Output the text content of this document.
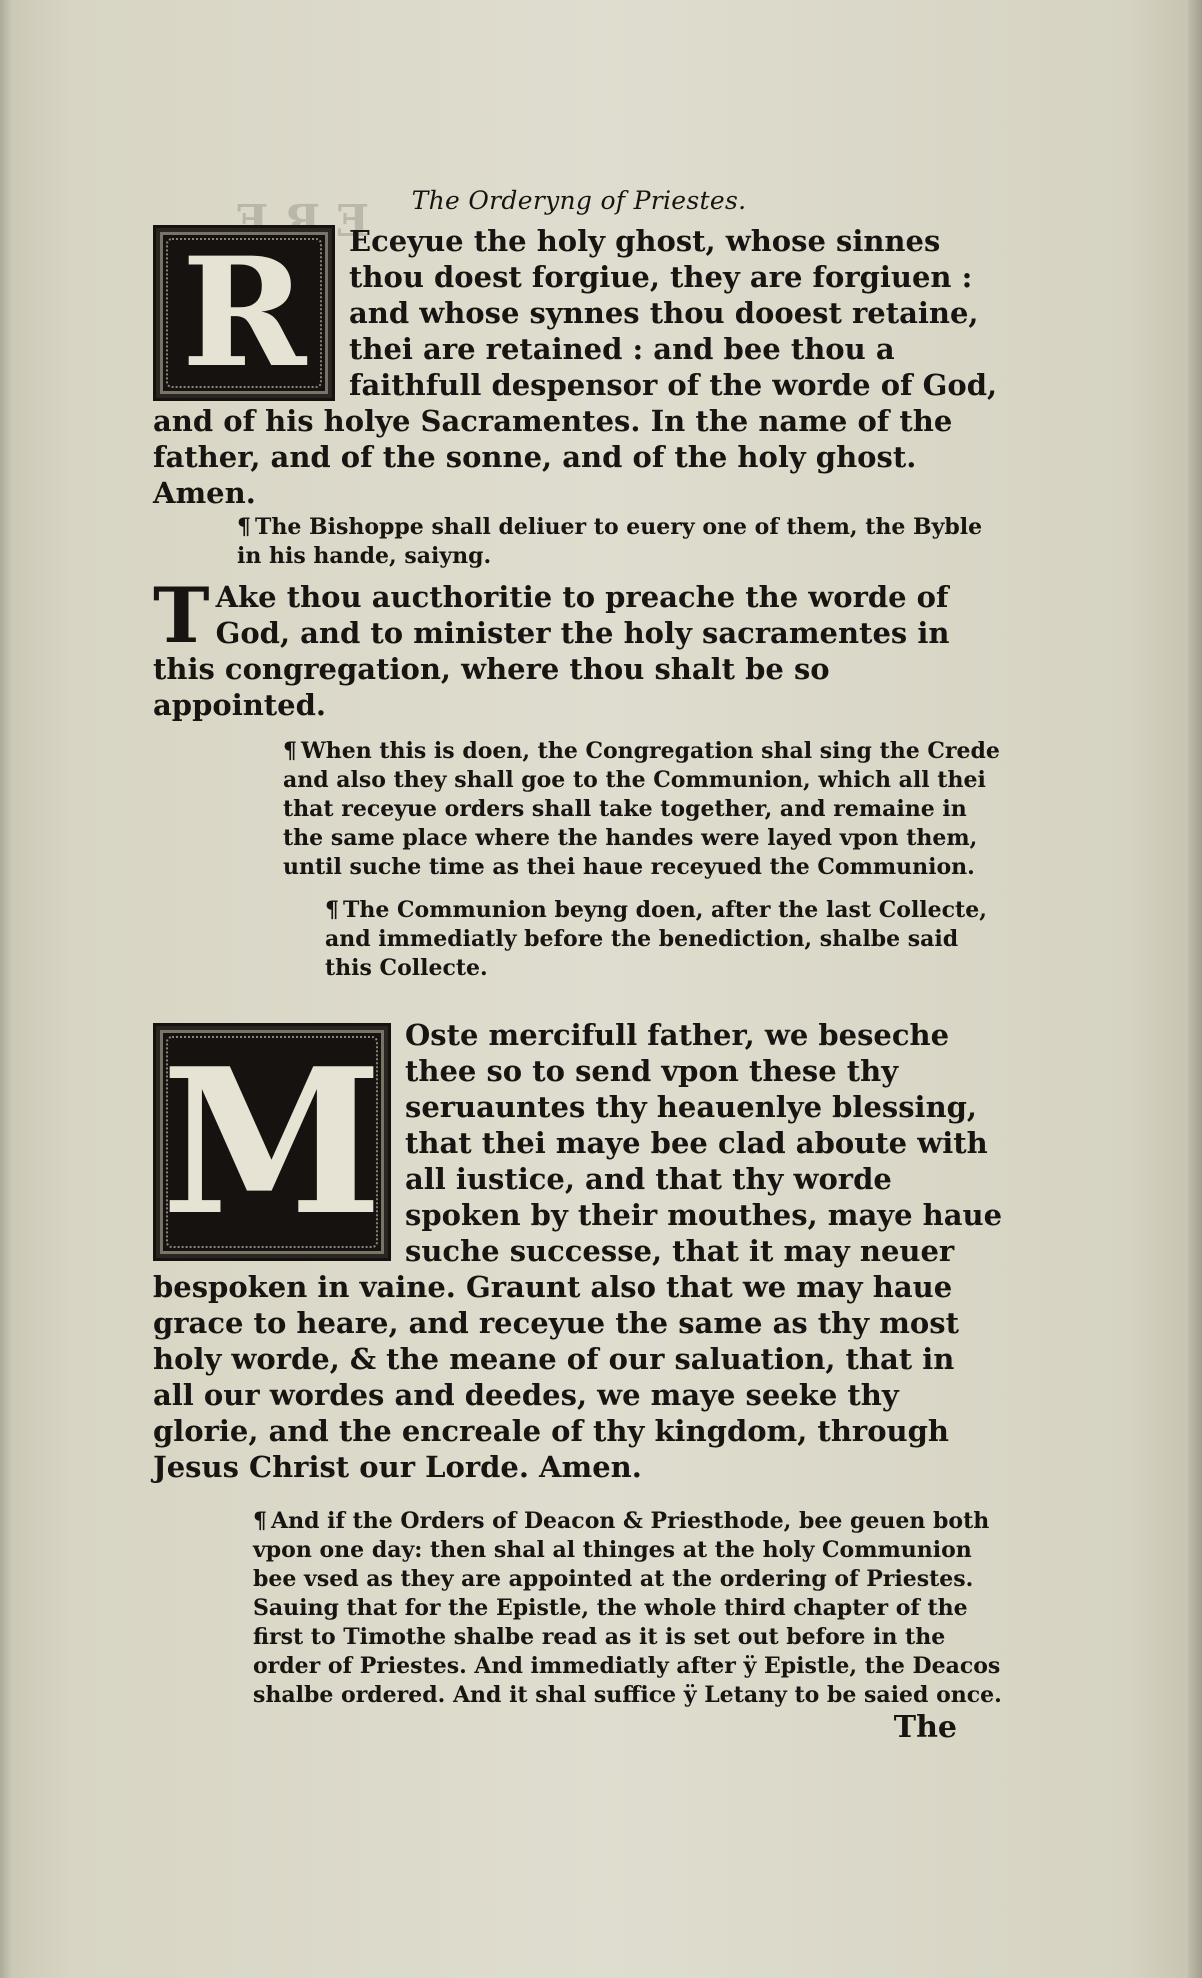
E R E	The Orderyng of Priestes.

R	Eceyue the holy ghost, whose sinnes thou doest forgiue, they are forgiuen : and whose synnes thou dooest retaine, thei are retained : and bee thou a faithfull despensor of the worde of God, and of his holye Sacramentes. In the name of the father, and of the sonne, and of the holy ghost. Amen.

¶ The Bishoppe shall deliuer to euery one of them, the Byble in his hande, saiyng.

T Ake thou aucthoritie to preache the worde of God, and to minister the holy sacramentes in this congregation, where thou shalt be so appointed.

¶ When this is doen, the Congregation shal sing the Crede and also they shall goe to the Communion, which all thei that receyue orders shall take together, and remaine in the same place where the handes were layed vpon them, until suche time as thei haue receyued the Communion.

¶ The Communion beyng doen, after the last Collecte, and immediatly before the benediction, shalbe said this Collecte.

M Oste mercifull father, we beseche thee so to send vpon these thy seruauntes thy heauenlye blessing, that thei maye bee clad aboute with all iustice, and that thy worde spoken by their mouthes, maye haue suche successe, that it may neuer bespoken in vaine. Graunt also that we may haue grace to heare, and receyue the same as thy most holy worde, & the meane of our saluation, that in all our wordes and deedes, we maye seeke thy glorie, and the encreale of thy kingdom, through Jesus Christ our Lorde. Amen.

¶ And if the Orders of Deacon & Priesthode, bee geuen both vpon one day: then shal al thinges at the holy Communion bee vsed as they are appointed at the ordering of Priestes. Sauing that for the Epistle, the whole third chapter of the first to Timothe shalbe read as it is set out before in the order of Priestes. And immediatly after ÿ Epistle, the Deacos shalbe ordered. And it shal suffice ÿ Letany to be saied once.

The
